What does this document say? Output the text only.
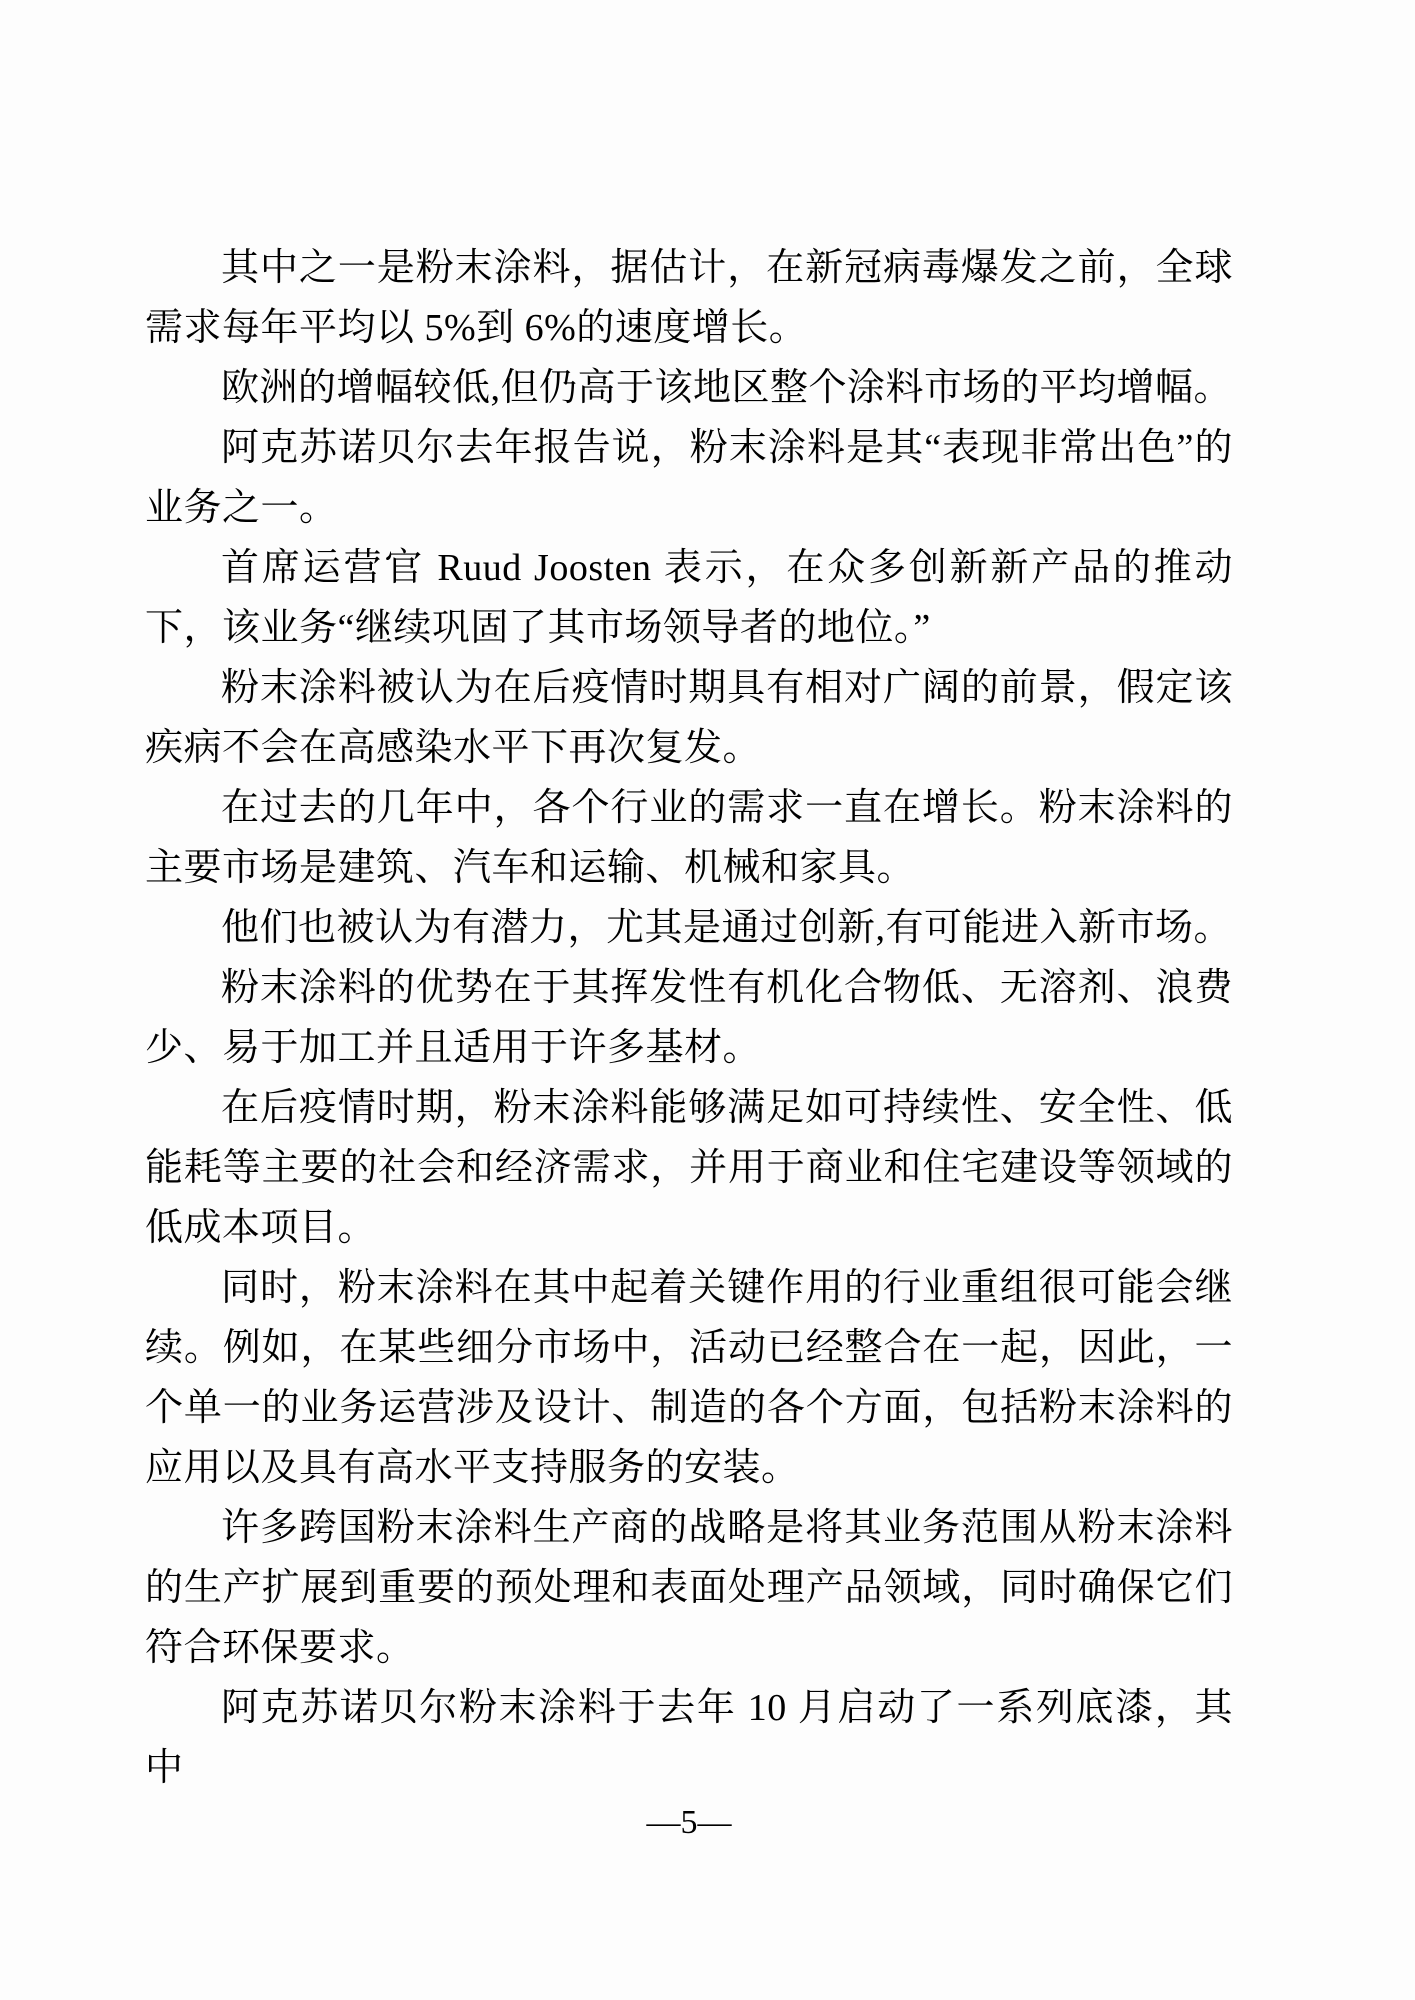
其中之一是粉末涂料，据估计，在新冠病毒爆发之前，全球需求每年平均以 5%到 6%的速度增长。

欧洲的增幅较低,但仍高于该地区整个涂料市场的平均增幅。

阿克苏诺贝尔去年报告说，粉末涂料是其“表现非常出色”的业务之一。

首席运营官 Ruud Joosten 表示，在众多创新新产品的推动下，该业务“继续巩固了其市场领导者的地位。”

粉末涂料被认为在后疫情时期具有相对广阔的前景，假定该疾病不会在高感染水平下再次复发。

在过去的几年中，各个行业的需求一直在增长。粉末涂料的主要市场是建筑、汽车和运输、机械和家具。

他们也被认为有潜力，尤其是通过创新,有可能进入新市场。

粉末涂料的优势在于其挥发性有机化合物低、无溶剂、浪费少、易于加工并且适用于许多基材。

在后疫情时期，粉末涂料能够满足如可持续性、安全性、低能耗等主要的社会和经济需求，并用于商业和住宅建设等领域的低成本项目。

同时，粉末涂料在其中起着关键作用的行业重组很可能会继续。例如，在某些细分市场中，活动已经整合在一起，因此，一个单一的业务运营涉及设计、制造的各个方面，包括粉末涂料的应用以及具有高水平支持服务的安装。

许多跨国粉末涂料生产商的战略是将其业务范围从粉末涂料的生产扩展到重要的预处理和表面处理产品领域，同时确保它们符合环保要求。

阿克苏诺贝尔粉末涂料于去年 10 月启动了一系列底漆，其中

—5—
